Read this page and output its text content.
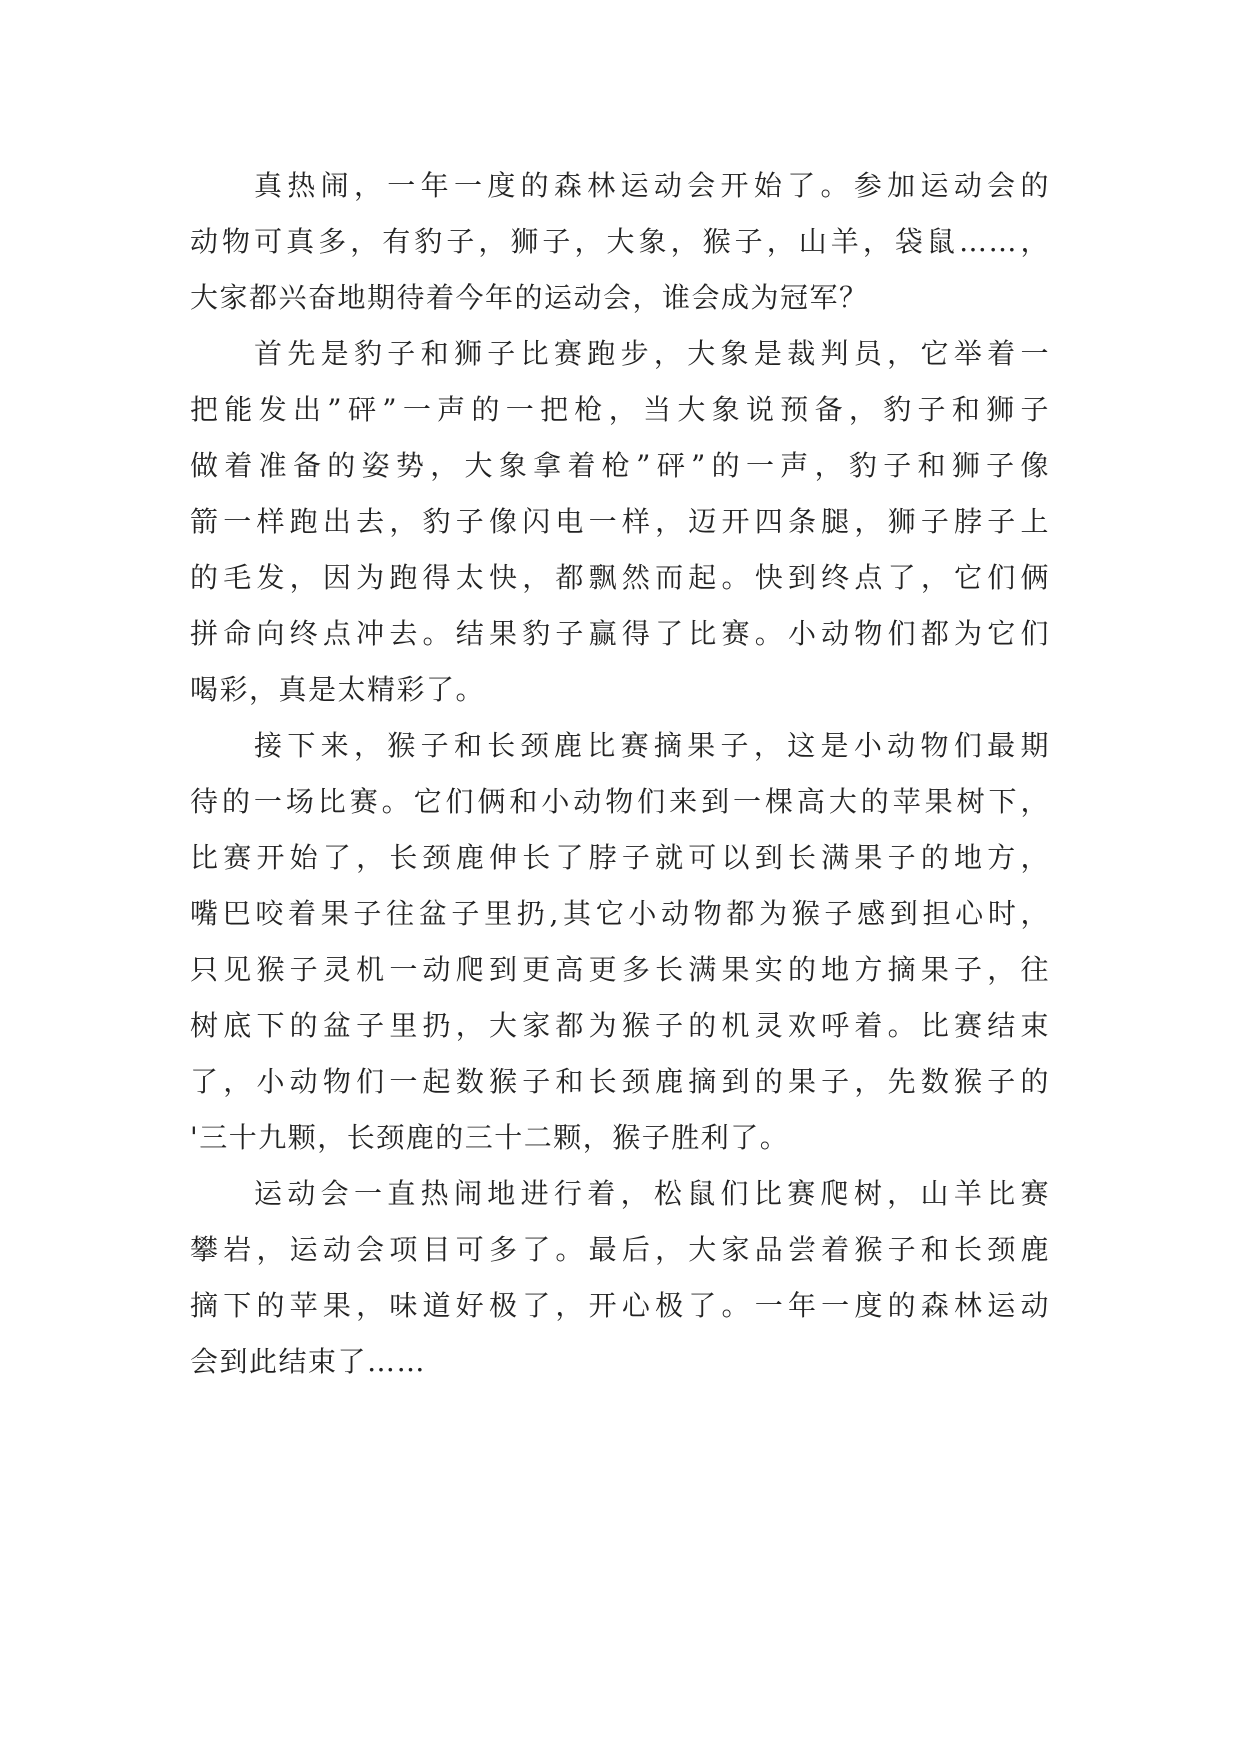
真热闹，一年一度的森林运动会开始了。参加运动会的
动物可真多，有豹子，狮子，大象，猴子，山羊，袋鼠……，
大家都兴奋地期待着今年的运动会，谁会成为冠军？
首先是豹子和狮子比赛跑步，大象是裁判员，它举着一
把能发出”砰”一声的一把枪，当大象说预备，豹子和狮子
做着准备的姿势，大象拿着枪”砰”的一声，豹子和狮子像
箭一样跑出去，豹子像闪电一样，迈开四条腿，狮子脖子上
的毛发，因为跑得太快，都飘然而起。快到终点了，它们俩
拼命向终点冲去。结果豹子赢得了比赛。小动物们都为它们
喝彩，真是太精彩了。
接下来，猴子和长颈鹿比赛摘果子，这是小动物们最期
待的一场比赛。它们俩和小动物们来到一棵高大的苹果树下，
比赛开始了，长颈鹿伸长了脖子就可以到长满果子的地方，
嘴巴咬着果子往盆子里扔,其它小动物都为猴子感到担心时，
只见猴子灵机一动爬到更高更多长满果实的地方摘果子，往
树底下的盆子里扔，大家都为猴子的机灵欢呼着。比赛结束
了，小动物们一起数猴子和长颈鹿摘到的果子，先数猴子的
'三十九颗，长颈鹿的三十二颗，猴子胜利了。
运动会一直热闹地进行着，松鼠们比赛爬树，山羊比赛
攀岩，运动会项目可多了。最后，大家品尝着猴子和长颈鹿
摘下的苹果，味道好极了，开心极了。一年一度的森林运动
会到此结束了……
